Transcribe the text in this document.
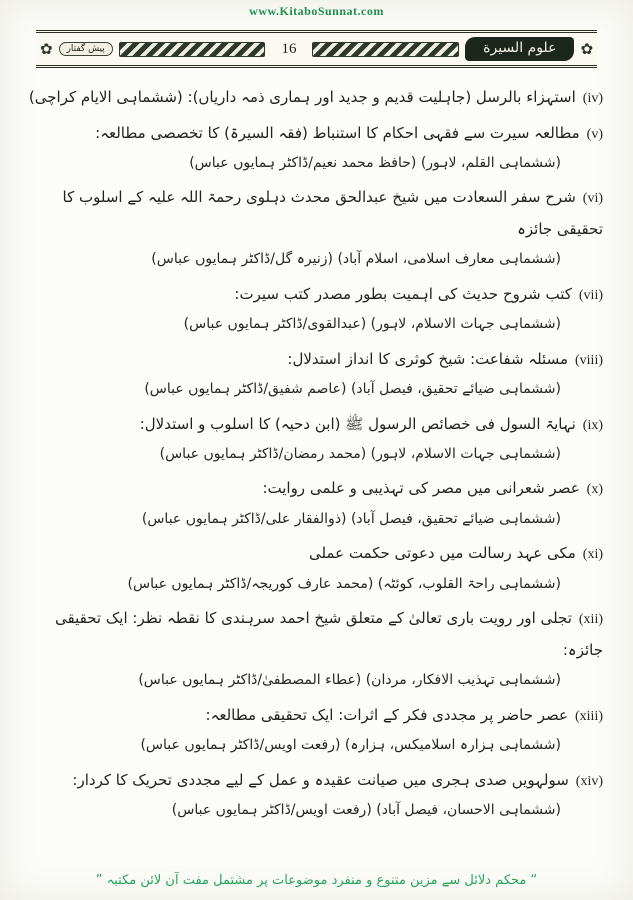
www.KitaboSunnat.com
✿	پیش گفتار	16	علوم السيرة	✿
(iv)استہزاء بالرسل (جاہلیت قدیم و جدید اور ہماری ذمہ داریاں): (ششماہی الایام کراچی)
(v)مطالعہ سیرت سے فقہی احکام کا استنباط (فقہ السیرۃ) کا تخصصی مطالعہ:
(ششماہی القلم، لاہور) (حافظ محمد نعیم/ڈاکٹر ہمایوں عباس)
(vi)شرح سفر السعادت میں شیخ عبدالحق محدث دہلوی رحمۃ اللہ علیہ کے اسلوب کا تحقیقی جائزہ
(ششماہی معارف اسلامی، اسلام آباد) (زنیرہ گل/ڈاکٹر ہمایوں عباس)
(vii)کتب شروح حدیث کی اہمیت بطور مصدر کتب سیرت:
(ششماہی جہات الاسلام، لاہور) (عبدالقوی/ڈاکٹر ہمایوں عباس)
(viii)مسئلہ شفاعت: شیخ کوثری کا انداز استدلال:
(ششماہی ضیائے تحقیق، فیصل آباد) (عاصم شفیق/ڈاکٹر ہمایوں عباس)
(ix)نہایۃ السول فی خصائص الرسول ﷺ (ابن دحیہ) کا اسلوب و استدلال:
(ششماہی جہات الاسلام، لاہور) (محمد رمضان/ڈاکٹر ہمایوں عباس)
(x)عصر شعرانی میں مصر کی تہذیبی و علمی روایت:
(ششماہی ضیائے تحقیق، فیصل آباد) (ذوالفقار علی/ڈاکٹر ہمایوں عباس)
(xi)مکی عہد رسالت میں دعوتی حکمت عملی
(ششماہی راحۃ القلوب، کوئٹہ) (محمد عارف کوریجہ/ڈاکٹر ہمایوں عباس)
(xii)تجلی اور رویت باری تعالیٰ کے متعلق شیخ احمد سرہندی کا نقطہ نظر: ایک تحقیقی جائزہ:
(ششماہی تہذیب الافکار، مردان) (عطاء المصطفیٰ/ڈاکٹر ہمایوں عباس)
(xiii)عصر حاضر پر مجددی فکر کے اثرات: ایک تحقیقی مطالعہ:
(ششماہی ہزارہ اسلامیکس، ہزارہ) (رفعت اویس/ڈاکٹر ہمایوں عباس)
(xiv)سولہویں صدی ہجری میں صیانت عقیدہ و عمل کے لیے مجددی تحریک کا کردار:
(ششماہی الاحسان، فیصل آباد) (رفعت اویس/ڈاکٹر ہمایوں عباس)
“ محکم دلائل سے مزین متنوع و منفرد موضوعات پر مشتمل مفت آن لائن مکتبہ ”
